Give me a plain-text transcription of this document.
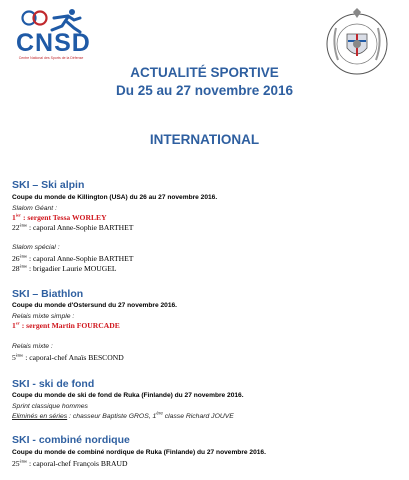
CNSD
Centre National des Sports de la Défense
ACTUALITÉ SPORTIVE
Du 25 au 27 novembre 2016
INTERNATIONAL
SKI – Ski alpin
Coupe du monde de Killington (USA) du 26 au 27 novembre 2016.
Slalom Géant :
$1^{ier}$ : sergent Tessa WORLEY
22ème : caporal Anne-Sophie BARTHET
Slalom spécial :
26ème : caporal Anne-Sophie BARTHET
28ème : brigadier Laurie MOUGEL
SKI – Biathlon
Coupe du monde d'Ostersund du 27 novembre 2016.
Relais mixte simple :
1er : sergent Martin FOURCADE
Relais mixte :
5ème : caporal-chef Anaïs BESCOND
SKI - ski de fond
Coupe du monde de ski de fond de Ruka (Finlande) du 27 novembre 2016.
Sprint classique hommes
Eliminés en séries : chasseur Baptiste GROS, 1ère classe Richard JOUVE
SKI - combiné nordique
Coupe du monde de combiné nordique de Ruka (Finlande) du 27 novembre 2016.
25ème : caporal-chef François BRAUD
